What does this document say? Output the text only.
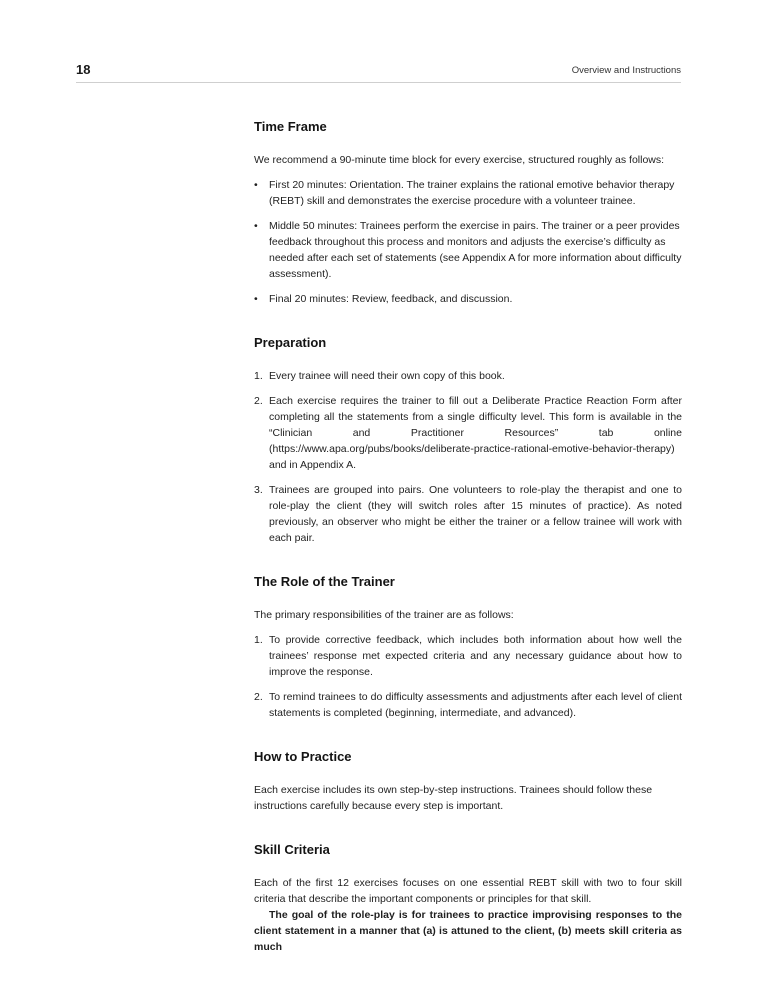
18	Overview and Instructions
Time Frame

We recommend a 90-minute time block for every exercise, structured roughly as follows:

• First 20 minutes: Orientation. The trainer explains the rational emotive behavior therapy (REBT) skill and demonstrates the exercise procedure with a volunteer trainee.
• Middle 50 minutes: Trainees perform the exercise in pairs. The trainer or a peer provides feedback throughout this process and monitors and adjusts the exercise’s difficulty as needed after each set of statements (see Appendix A for more information about difficulty assessment).
• Final 20 minutes: Review, feedback, and discussion.
Preparation
1. Every trainee will need their own copy of this book.
2. Each exercise requires the trainer to fill out a Deliberate Practice Reaction Form after completing all the statements from a single difficulty level. This form is available in the “Clinician and Practitioner Resources” tab online (https://www.apa.org/pubs/books/deliberate-practice-rational-emotive-behavior-therapy) and in Appendix A.
3. Trainees are grouped into pairs. One volunteers to role-play the therapist and one to role-play the client (they will switch roles after 15 minutes of practice). As noted previously, an observer who might be either the trainer or a fellow trainee will work with each pair.
The Role of the Trainer

The primary responsibilities of the trainer are as follows:

1. To provide corrective feedback, which includes both information about how well the trainees’ response met expected criteria and any necessary guidance about how to improve the response.
2. To remind trainees to do difficulty assessments and adjustments after each level of client statements is completed (beginning, intermediate, and advanced).
How to Practice

Each exercise includes its own step-by-step instructions. Trainees should follow these instructions carefully because every step is important.

Skill Criteria

Each of the first 12 exercises focuses on one essential REBT skill with two to four skill criteria that describe the important components or principles for that skill.

The goal of the role-play is for trainees to practice improvising responses to the client statement in a manner that (a) is attuned to the client, (b) meets skill criteria as much
